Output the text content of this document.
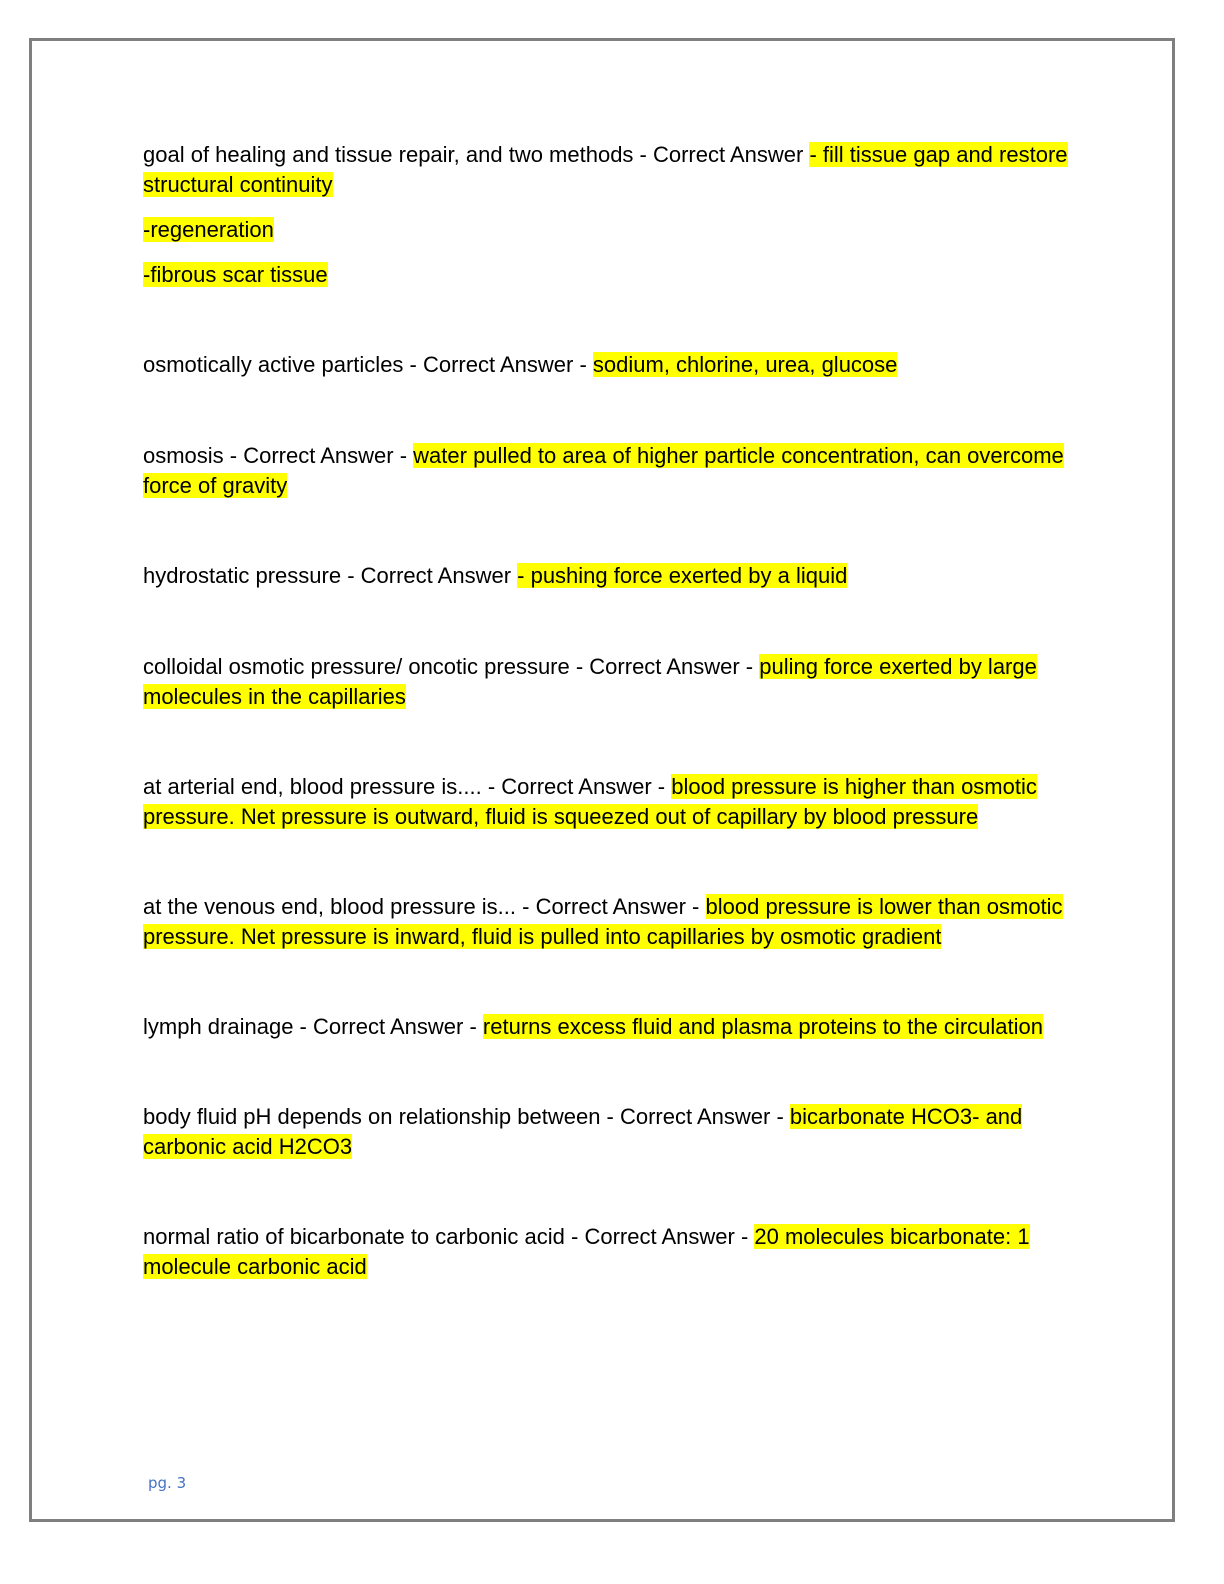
goal of healing and tissue repair, and two methods - Correct Answer - fill tissue gap and restore structural continuity

-regeneration

-fibrous scar tissue

osmotically active particles - Correct Answer - sodium, chlorine, urea, glucose

osmosis - Correct Answer - water pulled to area of higher particle concentration, can overcome force of gravity

hydrostatic pressure - Correct Answer - pushing force exerted by a liquid

colloidal osmotic pressure/ oncotic pressure - Correct Answer - puling force exerted by large molecules in the capillaries

at arterial end, blood pressure is.... - Correct Answer - blood pressure is higher than osmotic pressure. Net pressure is outward, fluid is squeezed out of capillary by blood pressure

at the venous end, blood pressure is... - Correct Answer - blood pressure is lower than osmotic pressure. Net pressure is inward, fluid is pulled into capillaries by osmotic gradient

lymph drainage - Correct Answer - returns excess fluid and plasma proteins to the circulation

body fluid pH depends on relationship between - Correct Answer - bicarbonate HCO3- and carbonic acid H2CO3

normal ratio of bicarbonate to carbonic acid - Correct Answer - 20 molecules bicarbonate: 1 molecule carbonic acid

pg. 3
